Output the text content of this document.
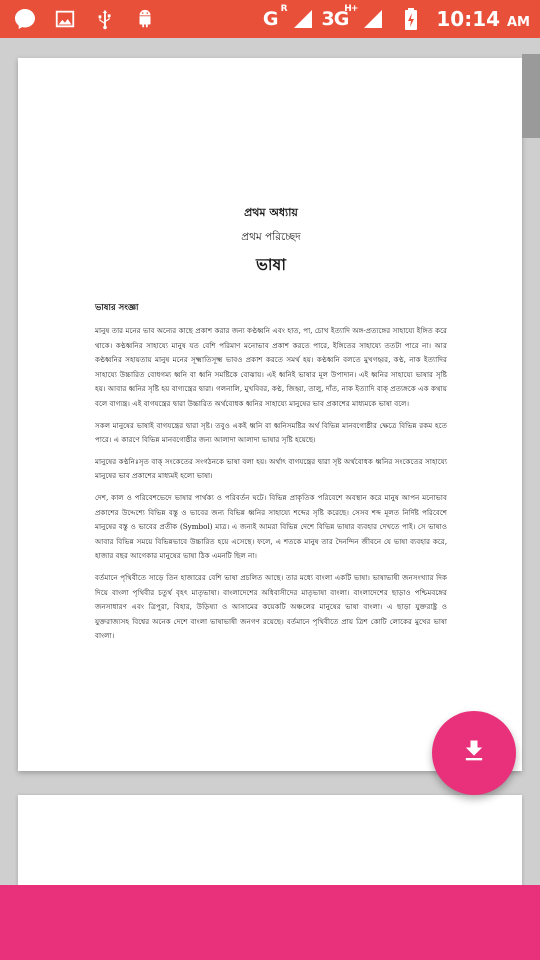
G R 3G
H+	10:14 AM
প্রথম অধ্যায়
প্রথম পরিচ্ছেদ
ভাষা
ভাষার সংজ্ঞা

মানুষ তার মনের ভাব অন্যের কাছে প্রকাশ করার জন্য কণ্ঠধ্বনি এবং হাত, পা, চোখ ইত্যাদি অঙ্গ-প্রত্যঙ্গের সাহায্যে ইঙ্গিত করে থাকে। কণ্ঠধ্বনির সাহায্যে মানুষ যত বেশি পরিমাণ মনোভাব প্রকাশ করতে পারে, ইঙ্গিতের সাহায্যে ততটা পারে না। আর কণ্ঠধ্বনির সহায়তায় মানুষ মনের সূক্ষ্মাতিসূক্ষ্ম ভাবও প্রকাশ করতে সমর্থ হয়। কণ্ঠধ্বনি বলতে মুখগহ্বর, কণ্ঠ, নাক ইত্যাদির সাহায্যে উচ্চারিত বোধগম্য ধ্বনি বা ধ্বনি সমষ্টিকে বোঝায়। এই ধ্বনিই ভাষার মূল উপাদান। এই ধ্বনির সাহায্যে ভাষার সৃষ্টি হয়। আবার ধ্বনির সৃষ্টি হয় বাগ্যন্ত্রের দ্বারা। গলনালি, মুখবিবর, কণ্ঠ, জিহ্বা, তালু, দাঁত, নাক ইত্যাদি বাক্ প্রত্যঙ্গকে এক কথায় বলে বাগ্যন্ত্র। এই বাগযন্ত্রের দ্বারা উচ্চারিত অর্থবোধক ধ্বনির সাহায্যে মানুষের ভাব প্রকাশের মাধ্যমকে ভাষা বলে।

সকল মানুষের ভাষাই বাগযন্ত্রের দ্বারা সৃষ্ট। তবুও একই ধ্বনি বা ধ্বনিসমষ্টির অর্থ বিভিন্ন মানবগোষ্ঠীর ক্ষেত্রে বিভিন্ন রকম হতে পারে। এ কারণে বিভিন্ন মানবগোষ্ঠীর জন্য আলাদা আলাদা ভাষার সৃষ্টি হয়েছে।

মানুষের কণ্ঠনিঃসৃত বাক্ সংকেতের সংগঠনকে ভাষা বলা হয়। অর্থাৎ বাগযন্ত্রের দ্বারা সৃষ্ট অর্থবোধক ধ্বনির সংকেতের সাহায্যে মানুষের ভাব প্রকাশের মাধ্যমই হলো ভাষা।

দেশ, কাল ও পরিবেশভেদে ভাষার পার্থক্য ও পরিবর্তন ঘটে। বিভিন্ন প্রাকৃতিক পরিবেশে অবস্থান করে মানুষ আপন মনোভাব প্রকাশের উদ্দেশ্যে বিভিন্ন বস্তু ও ভাবের জন্য বিভিন্ন ধ্বনির সাহায্যে শব্দের সৃষ্টি করেছে। সেসব শব্দ মূলত নির্দিষ্ট পরিবেশে মানুষের বস্তু ও ভাবের প্রতীক (Symbol) মাত্র। এ জন্যই আমরা বিভিন্ন দেশে বিভিন্ন ভাষার ব্যবহার দেখতে পাই। সে ভাষাও আবার বিভিন্ন সময়ে বিভিন্নভাবে উচ্চারিত হয়ে এসেছে। ফলে, এ শতকে মানুষ তার দৈনন্দিন জীবনে যে ভাষা ব্যবহার করে, হাজার বছর আগেকার মানুষের ভাষা ঠিক এমনটি ছিল না।

বর্তমানে পৃথিবীতে সাড়ে তিন হাজারের বেশি ভাষা প্রচলিত আছে। তার মধ্যে বাংলা একটি ভাষা। ভাষাভাষী জনসংখ্যার দিক দিয়ে বাংলা পৃথিবীর চতুর্থ বৃহৎ মাতৃভাষা। বাংলাদেশের অধিবাসীদের মাতৃভাষা বাংলা। বাংলাদেশের ছাড়াও পশ্চিমবঙ্গের জনসাধারণ এবং ত্রিপুরা, বিহার, উড়িষ্যা ও আসামের কয়েকটি অঞ্চলের মানুষের ভাষা বাংলা। এ ছাড়া যুক্তরাষ্ট্র ও যুক্তরাজ্যসহ বিশ্বের অনেক দেশে বাংলা ভাষাভাষী জনগণ রয়েছে। বর্তমানে পৃথিবীতে প্রায় ত্রিশ কোটি লোকের মুখের ভাষা বাংলা।
